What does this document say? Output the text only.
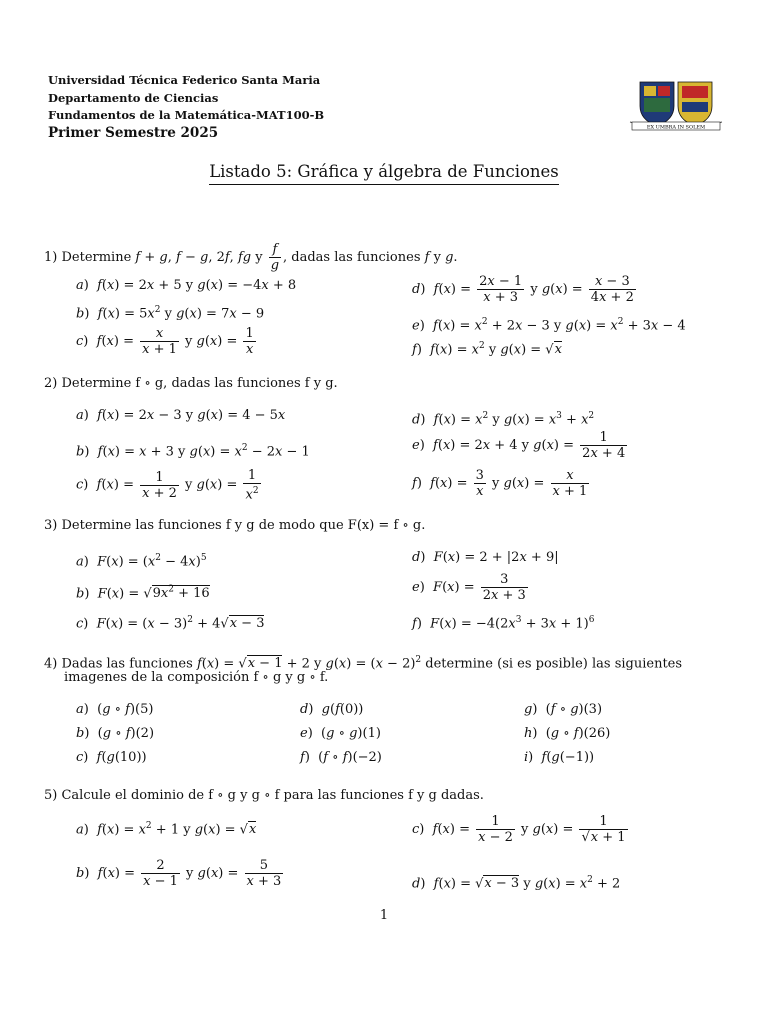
Universidad Técnica Federico Santa Maria
Departamento de Ciencias
Fundamentos de la Matemática-MAT100-B
Primer Semestre 2025	EX UMBRA IN SOLEM
Listado 5: Gráfica y álgebra de Funciones
1) Determine f + g, f − g, 2f, fg y $\frac{f}{g}$ , dadas las funciones f y g.
a)  f(x) = 2x + 5 y g(x) = −4x + 8
b)  $f(x) = 5x^2$ y g(x) = 7x − 9
c)  $f(x) = \frac{x}{x + 1}$ y $g(x) = \frac{1}{x}$
d)  $f(x) = \frac{2x - 1}{x + 3}$ y $g(x) = \frac{x - 3}{4x + 2}$
e)  $f(x) = x^2 + 2x - 3$ y $g(x) = x^2 + 3x - 4$
f)  $f(x) = x^2$ y g(x) = √x
2) Determine f ∘ g, dadas las funciones f y g.
a)  f(x) = 2x − 3 y g(x) = 4 − 5x
b)  f(x) = x + 3 y $g(x) = x^2 - 2x - 1$
c)  $f(x) = \frac{1}{x + 2}$ y $g(x) = \frac{1}{x^2}$
d)  $f(x) = x^2$ y $g(x) = x^3 + x^2$
e)  f(x) = 2x + 4 y $g(x) = \frac{1}{2x + 4}$
f)  $f(x) = \frac{3}{x}$ y $g(x) = \frac{x}{x + 1}$
3) Determine las funciones f y g de modo que F(x) = f ∘ g.
a)  $F(x) = (x^2 - 4x)^5$
b)  $F(x) = √9x^2 + 16$
c)  $F(x) = (x - 3)^2 + 4√x - 3$
d)  F(x) = 2 + |2x + 9|
e)  $F(x) = \frac{3}{2x + 3}$
f)  $F(x) = -4(2x^3 + 3x + 1)^6$
4) Dadas las funciones f(x) = √x − 1 + 2 y $g(x) = (x - 2)^2$ determine (si es posible) las siguientes
imagenes de la composición f ∘ g y g ∘ f.
a)  (g ∘ f)(5)
b)  (g ∘ f)(2)
c)  f(g(10))
d)  g(f(0))
e)  (g ∘ g)(1)
f)  (f ∘ f)(−2)
g)  (f ∘ g)(3)
h)  (g ∘ f)(26)
i)  f(g(−1))
5) Calcule el dominio de f ∘ g y g ∘ f para las funciones f y g dadas.
a)  $f(x) = x^2 + 1$ y g(x) = √x
b)  $f(x) = \frac{2}{x - 1}$ y $g(x) = \frac{5}{x + 3}$
c)  $f(x) = \frac{1}{x - 2}$ y $g(x) = \frac{1}{√x + 1}$
d)  f(x) = √x − 3 y $g(x) = x^2 + 2$
1
